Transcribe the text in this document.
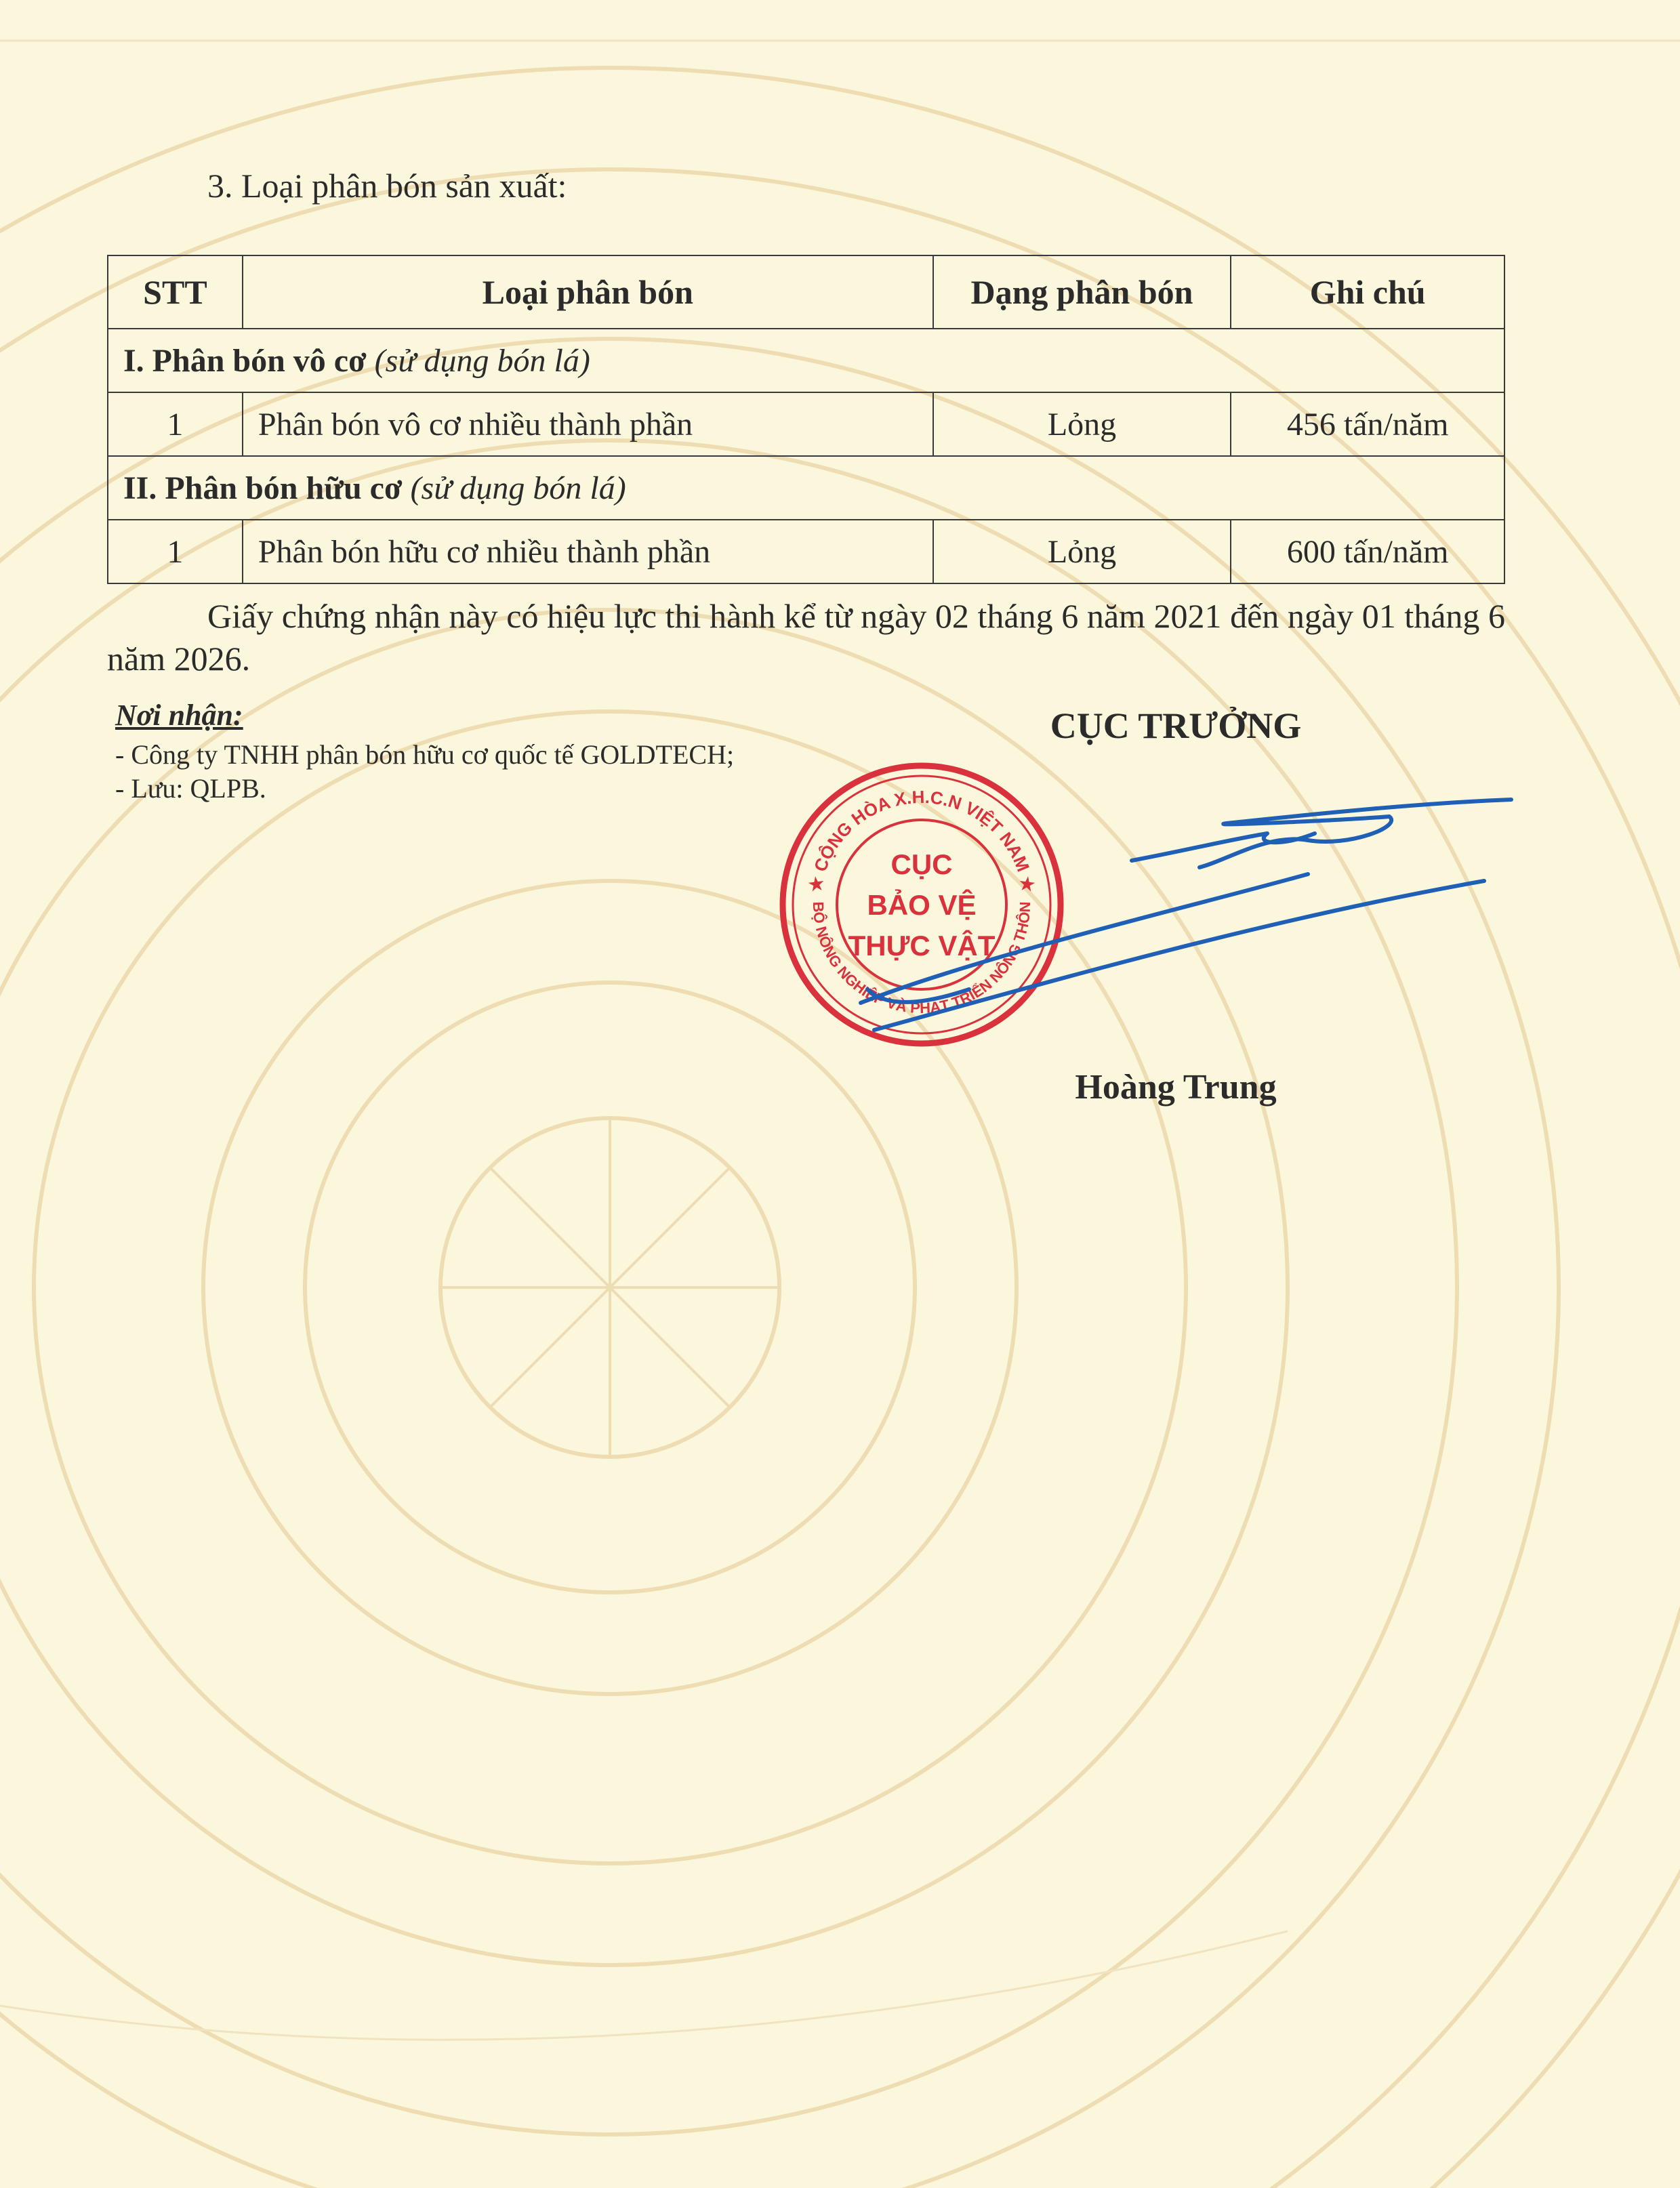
3. Loại phân bón sản xuất:
STT	Loại phân bón	Dạng phân bón	Ghi chú
I. Phân bón vô cơ (sử dụng bón lá)			
1	Phân bón vô cơ nhiều thành phần	Lỏng	456 tấn/năm
II. Phân bón hữu cơ (sử dụng bón lá)			
1	Phân bón hữu cơ nhiều thành phần	Lỏng	600 tấn/năm

Giấy chứng nhận này có hiệu lực thi hành kể từ ngày 02 tháng 6 năm 2021 đến ngày 01 tháng 6 năm 2026.

Nơi nhận:
- Công ty TNHH phân bón hữu cơ quốc tế GOLDTECH;
- Lưu: QLPB.
CỤC TRƯỞNG
★ CỘNG HÒA X.H.C.N VIỆT NAM ★
BỘ NÔNG NGHIỆP VÀ PHÁT TRIỂN NÔNG THÔN
CỤC
BẢO VỆ
THỰC VẬT
Hoàng Trung
